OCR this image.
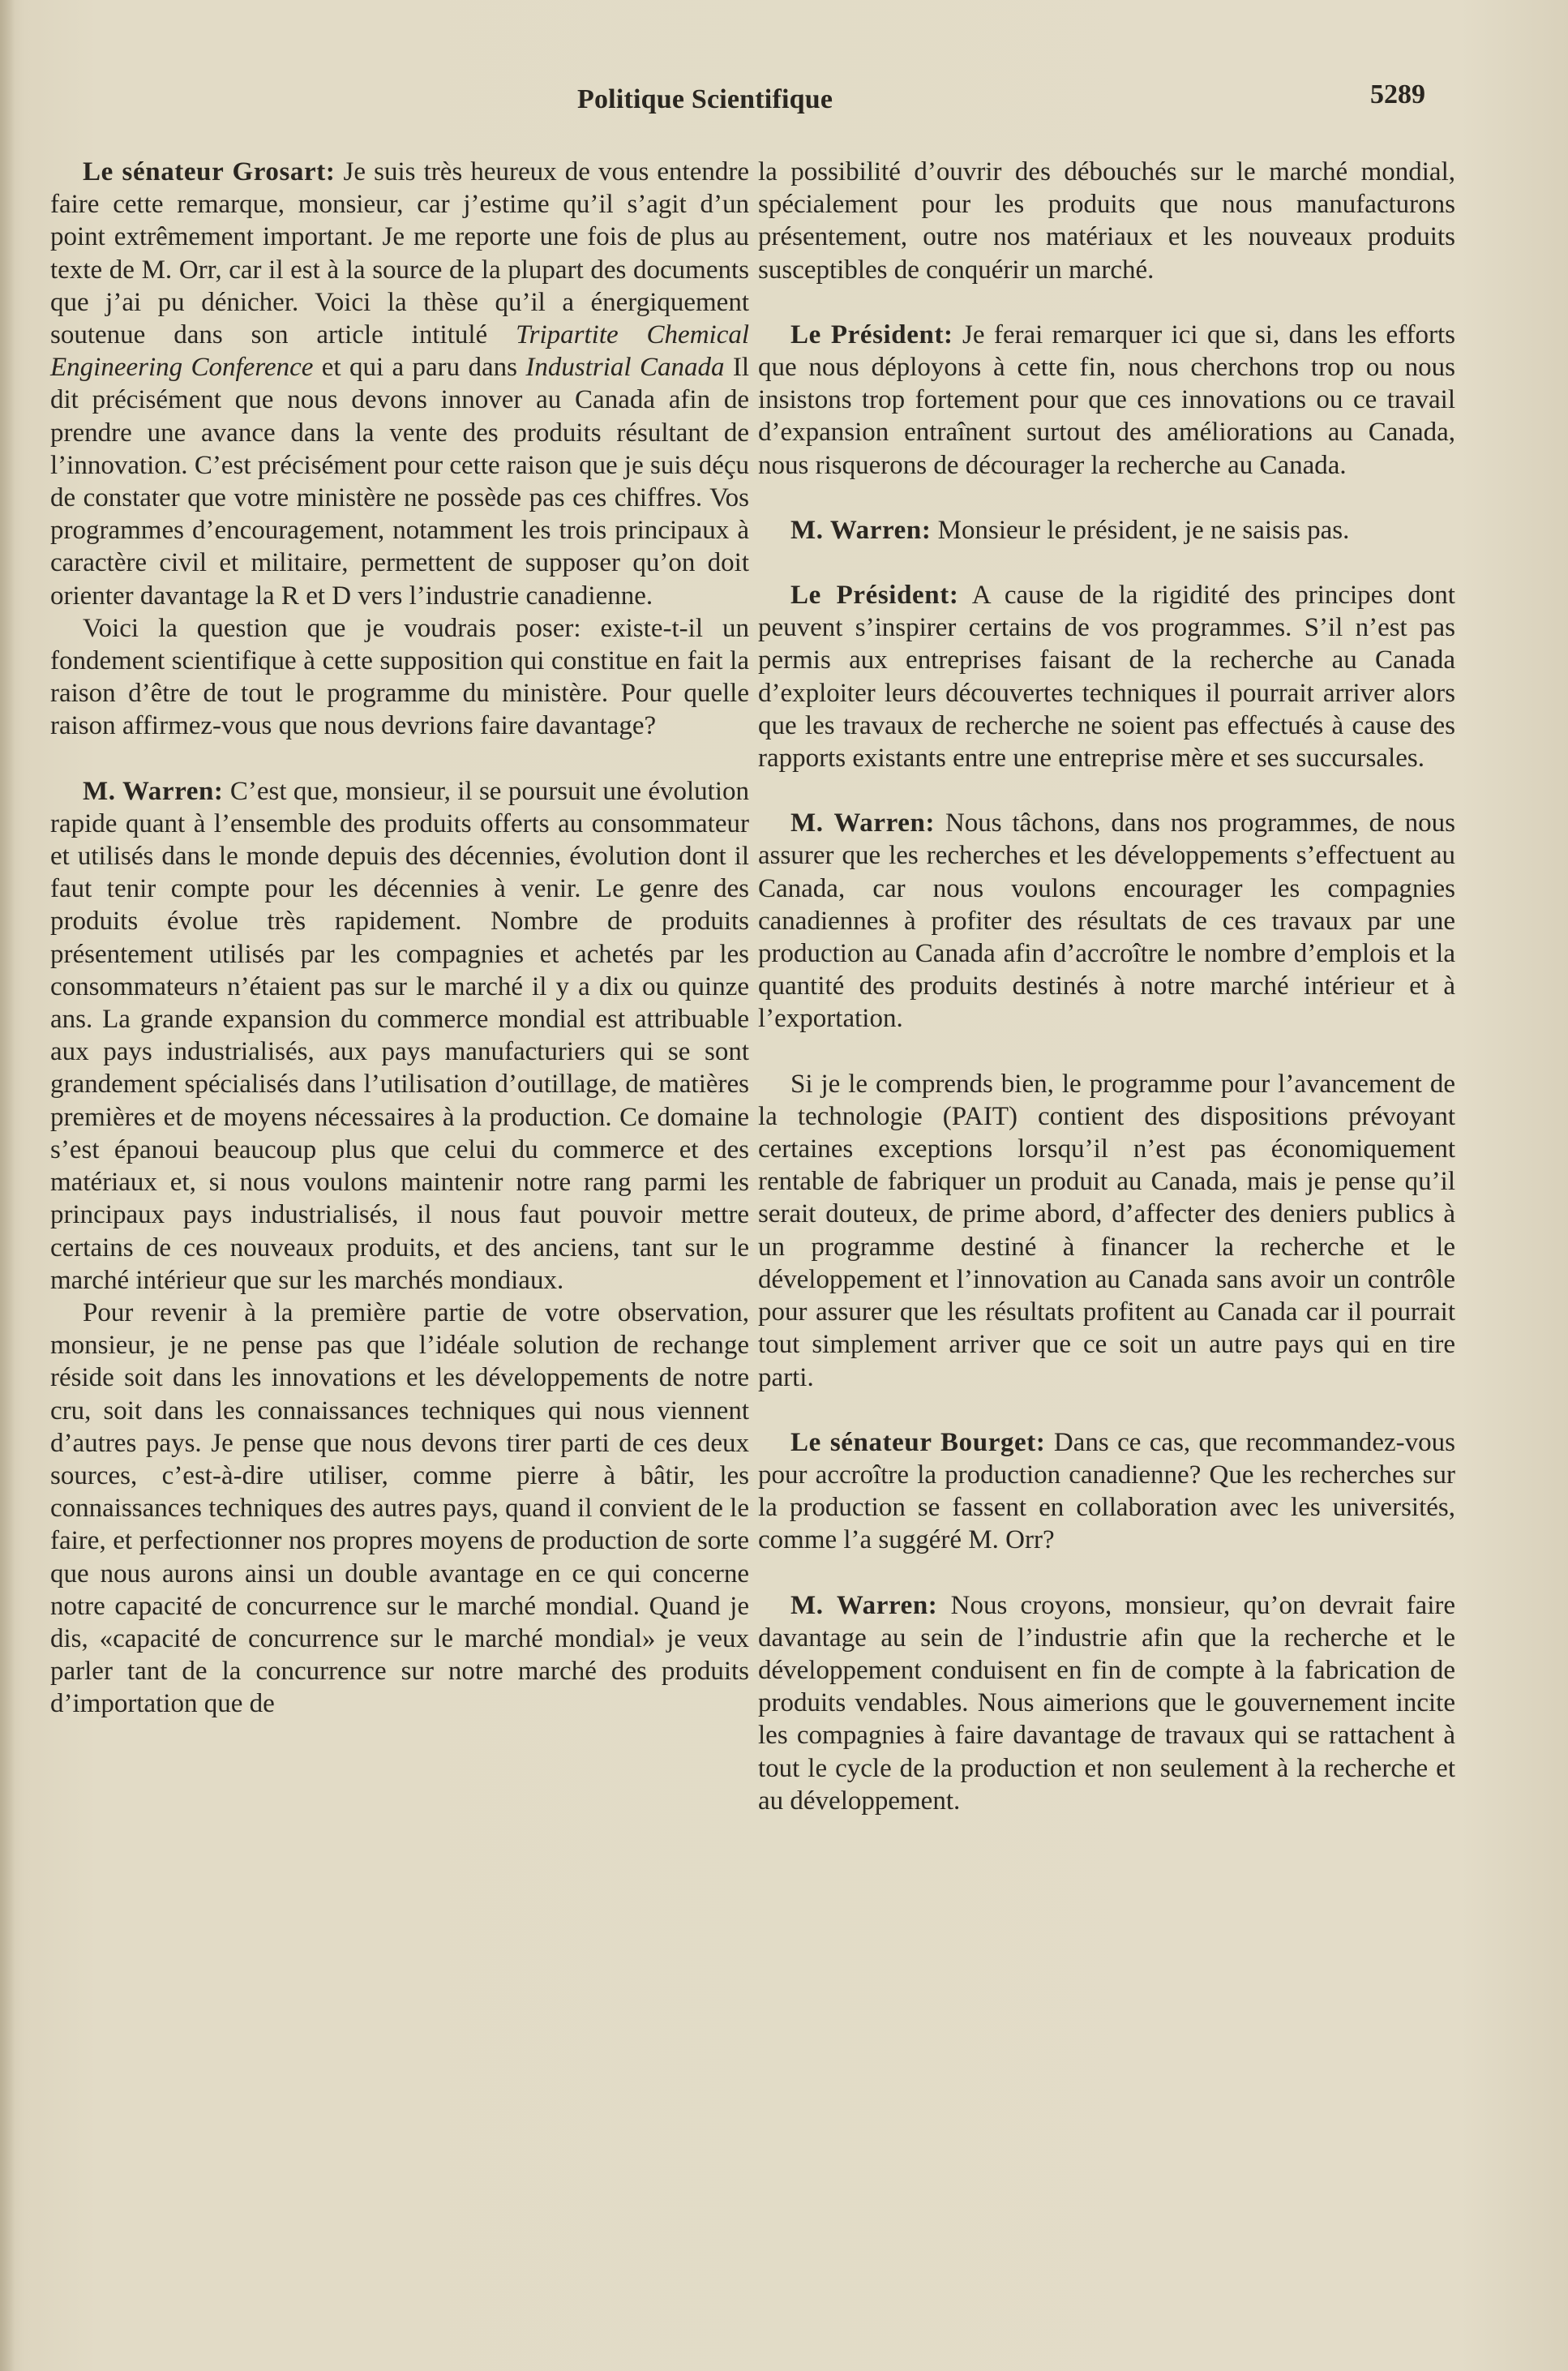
Politique Scientifique	5289

Le sénateur Grosart: Je suis très heureux de vous entendre faire cette remarque, monsieur, car j’estime qu’il s’agit d’un point extrêmement important. Je me reporte une fois de plus au texte de M. Orr, car il est à la source de la plupart des documents que j’ai pu dénicher. Voici la thèse qu’il a énergiquement soutenue dans son article intitulé Tripartite Chemical Engineering Conference et qui a paru dans Industrial Canada Il dit précisément que nous devons innover au Canada afin de prendre une avance dans la vente des produits résultant de l’innovation. C’est précisément pour cette raison que je suis déçu de constater que votre ministère ne possède pas ces chiffres. Vos programmes d’encouragement, notamment les trois principaux à caractère civil et militaire, permettent de supposer qu’on doit orienter davantage la R et D vers l’industrie canadienne.

Voici la question que je voudrais poser: existe-t-il un fondement scientifique à cette supposition qui constitue en fait la raison d’être de tout le programme du ministère. Pour quelle raison affirmez-vous que nous devrions faire davantage?

M. Warren: C’est que, monsieur, il se poursuit une évolution rapide quant à l’ensemble des produits offerts au consommateur et utilisés dans le monde depuis des décennies, évolution dont il faut tenir compte pour les décennies à venir. Le genre des produits évolue très rapidement. Nombre de produits présentement utilisés par les compagnies et achetés par les consommateurs n’étaient pas sur le marché il y a dix ou quinze ans. La grande expansion du commerce mondial est attribuable aux pays industrialisés, aux pays manufacturiers qui se sont grandement spécialisés dans l’utilisation d’outillage, de matières premières et de moyens nécessaires à la production. Ce domaine s’est épanoui beaucoup plus que celui du commerce et des matériaux et, si nous voulons maintenir notre rang parmi les principaux pays industrialisés, il nous faut pouvoir mettre certains de ces nouveaux produits, et des anciens, tant sur le marché intérieur que sur les marchés mondiaux.

Pour revenir à la première partie de votre observation, monsieur, je ne pense pas que l’idéale solution de rechange réside soit dans les innovations et les développements de notre cru, soit dans les connaissances techniques qui nous viennent d’autres pays. Je pense que nous devons tirer parti de ces deux sources, c’est-à-dire utiliser, comme pierre à bâtir, les connaissances techniques des autres pays, quand il convient de le faire, et perfectionner nos propres moyens de production de sorte que nous aurons ainsi un double avantage en ce qui concerne notre capacité de concurrence sur le marché mondial. Quand je dis, «capacité de concurrence sur le marché mondial» je veux parler tant de la concurrence sur notre marché des produits d’importation que de

la possibilité d’ouvrir des débouchés sur le marché mondial, spécialement pour les produits que nous manufacturons présentement, outre nos matériaux et les nouveaux produits susceptibles de conquérir un marché.

Le Président: Je ferai remarquer ici que si, dans les efforts que nous déployons à cette fin, nous cherchons trop ou nous insistons trop fortement pour que ces innovations ou ce travail d’expansion entraînent surtout des améliorations au Canada, nous risquerons de décourager la recherche au Canada.

M. Warren: Monsieur le président, je ne saisis pas.

Le Président: A cause de la rigidité des principes dont peuvent s’inspirer certains de vos programmes. S’il n’est pas permis aux entreprises faisant de la recherche au Canada d’exploiter leurs découvertes techniques il pourrait arriver alors que les travaux de recherche ne soient pas effectués à cause des rapports existants entre une entreprise mère et ses succursales.

M. Warren: Nous tâchons, dans nos programmes, de nous assurer que les recherches et les développements s’effectuent au Canada, car nous voulons encourager les compagnies canadiennes à profiter des résultats de ces travaux par une production au Canada afin d’accroître le nombre d’emplois et la quantité des produits destinés à notre marché intérieur et à l’exportation.

Si je le comprends bien, le programme pour l’avancement de la technologie (PAIT) contient des dispositions prévoyant certaines exceptions lorsqu’il n’est pas économiquement rentable de fabriquer un produit au Canada, mais je pense qu’il serait douteux, de prime abord, d’affecter des deniers publics à un programme destiné à financer la recherche et le développement et l’innovation au Canada sans avoir un contrôle pour assurer que les résultats profitent au Canada car il pourrait tout simplement arriver que ce soit un autre pays qui en tire parti.

Le sénateur Bourget: Dans ce cas, que recommandez-vous pour accroître la production canadienne? Que les recherches sur la production se fassent en collaboration avec les universités, comme l’a suggéré M. Orr?

M. Warren: Nous croyons, monsieur, qu’on devrait faire davantage au sein de l’industrie afin que la recherche et le développement conduisent en fin de compte à la fabrication de produits vendables. Nous aimerions que le gouvernement incite les compagnies à faire davantage de travaux qui se rattachent à tout le cycle de la production et non seulement à la recherche et au développement.
